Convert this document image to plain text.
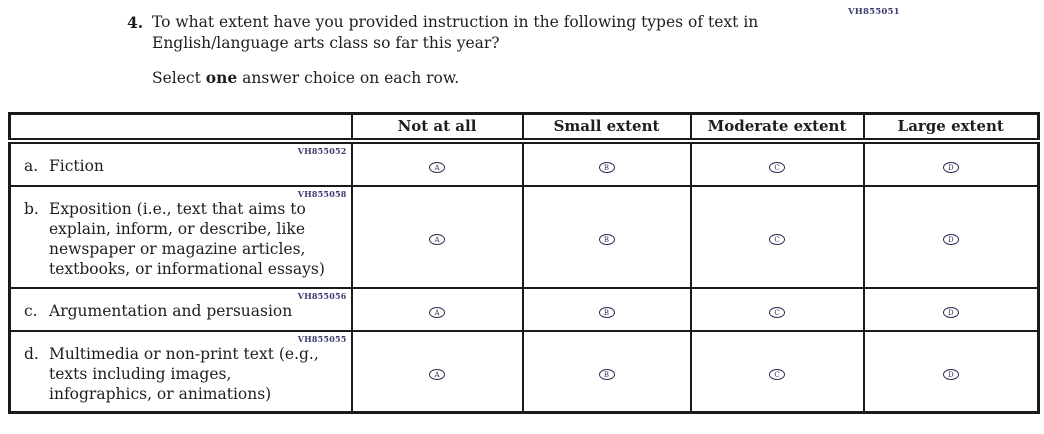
VH855051
4. To what extent have you provided instruction in the following types of text in
English/language arts class so far this year?
Select one answer choice on each row.
	Not at all	Small extent	Moderate extent	Large extent

VH855052
a. Fiction	A	B	C	D

VH855058
b. Exposition (i.e., text that aims to explain, inform, or describe, like newspaper or magazine articles, textbooks, or informational essays)	A	B	C	D

VH855056
c. Argumentation and persuasion	A	B	C	D

VH855055
d. Multimedia or non-print text (e.g., texts including images, infographics, or animations)	A	B	C	D
